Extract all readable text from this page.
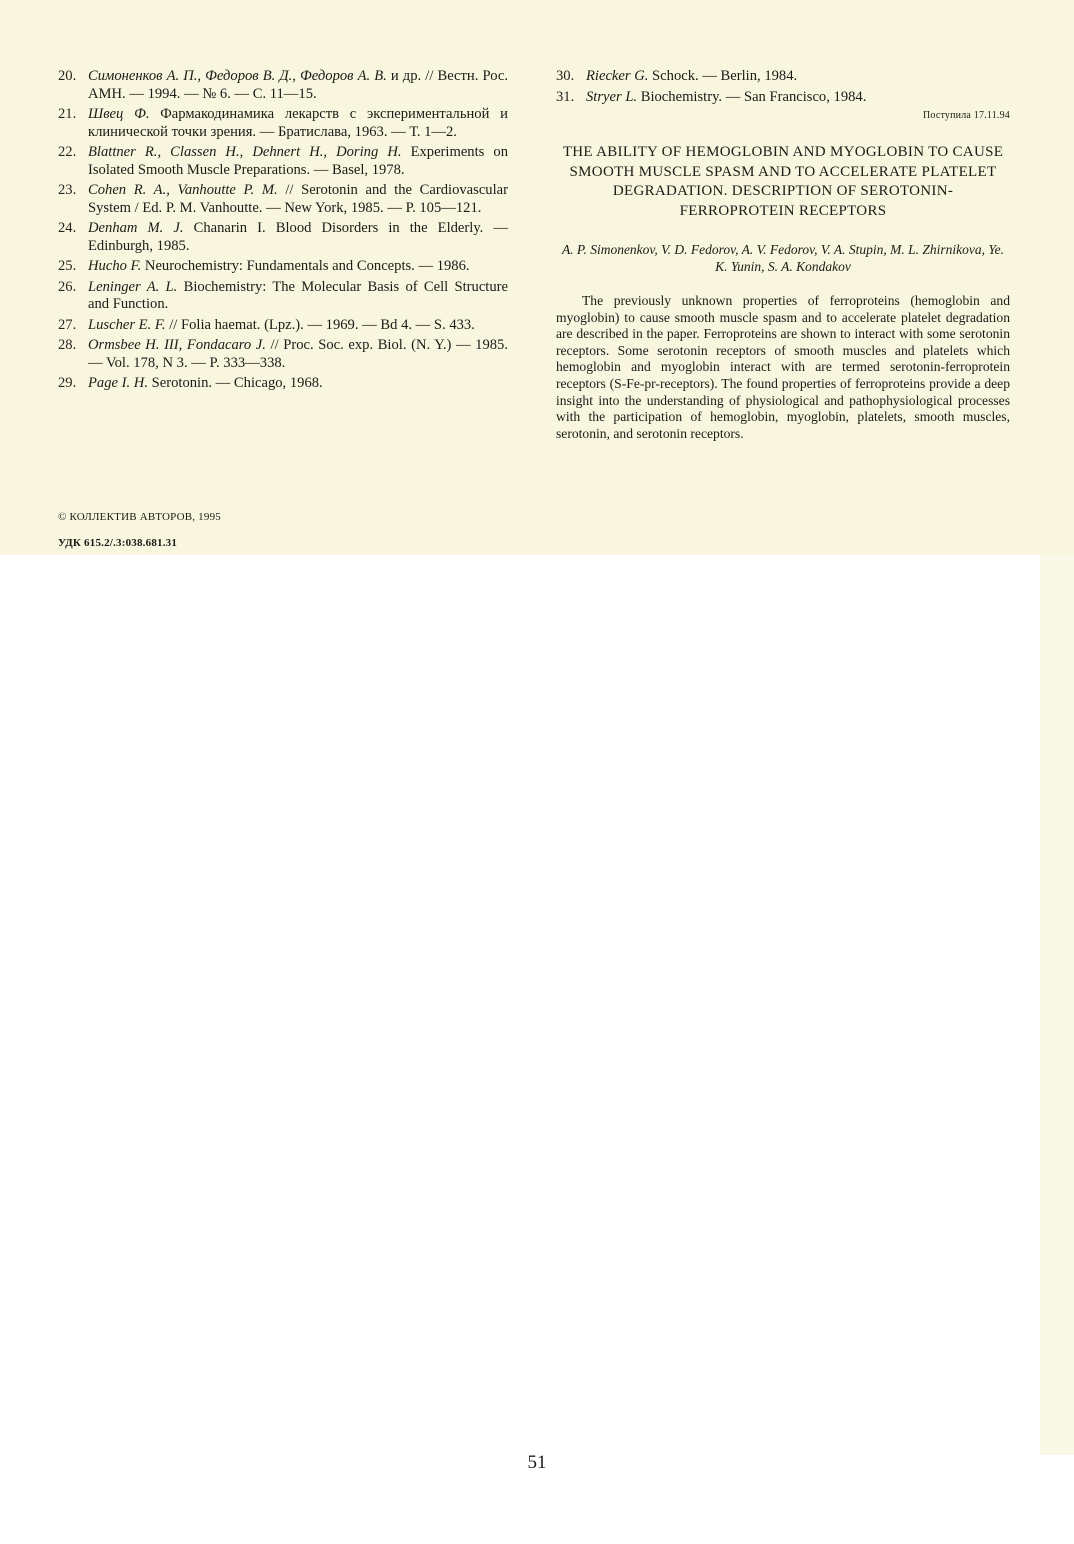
20. Симоненков А. П., Федоров В. Д., Федоров А. В. и др. // Вестн. Рос. АМН. — 1994. — № 6. — С. 11—15.
21. Швец Ф. Фармакодинамика лекарств с экспериментальной и клинической точки зрения. — Братислава, 1963. — Т. 1—2.
22. Blattner R., Classen H., Dehnert H., Doring H. Experiments on Isolated Smooth Muscle Preparations. — Basel, 1978.
23. Cohen R. A., Vanhoutte P. M. // Serotonin and the Cardiovascular System / Ed. P. M. Vanhoutte. — New York, 1985. — P. 105—121.
24. Denham M. J. Chanarin I. Blood Disorders in the Elderly. — Edinburgh, 1985.
25. Hucho F. Neurochemistry: Fundamentals and Concepts. — 1986.
26. Leninger A. L. Biochemistry: The Molecular Basis of Cell Structure and Function.
27. Luscher E. F. // Folia haemat. (Lpz.). — 1969. — Bd 4. — S. 433.
28. Ormsbee H. III, Fondacaro J. // Proc. Soc. exp. Biol. (N. Y.) — 1985. — Vol. 178, N 3. — P. 333—338.
29. Page I. H. Serotonin. — Chicago, 1968.
30. Riecker G. Schock. — Berlin, 1984.
31. Stryer L. Biochemistry. — San Francisco, 1984.
Поступила 17.11.94
THE ABILITY OF HEMOGLOBIN AND MYOGLOBIN TO CAUSE SMOOTH MUSCLE SPASM AND TO ACCELERATE PLATELET DEGRADATION. DESCRIPTION OF SEROTONIN-FERROPROTEIN RECEPTORS
A. P. Simonenkov, V. D. Fedorov, A. V. Fedorov, V. A. Stupin, M. L. Zhirnikova, Ye. K. Yunin, S. A. Kondakov
The previously unknown properties of ferroproteins (hemoglobin and myoglobin) to cause smooth muscle spasm and to accelerate platelet degradation are described in the paper. Ferroproteins are shown to interact with some serotonin receptors. Some serotonin receptors of smooth muscles and platelets which hemoglobin and myoglobin interact with are termed serotonin-ferroprotein receptors (S-Fe-pr-receptors). The found properties of ferroproteins provide a deep insight into the understanding of physiological and pathophysiological processes with the participation of hemoglobin, myoglobin, platelets, smooth muscles, serotonin, and serotonin receptors.
© КОЛЛЕКТИВ АВТОРОВ, 1995
УДК 615.2/.3:038.681.31
51
